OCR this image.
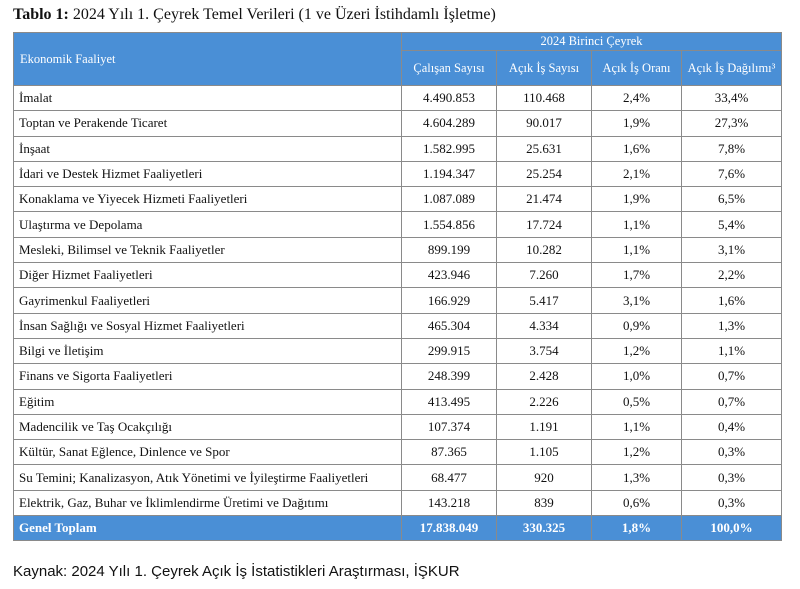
Tablo 1: 2024 Yılı 1. Çeyrek Temel Verileri (1 ve Üzeri İstihdamlı İşletme)
Ekonomik Faaliyet	2024 Birinci Çeyrek			
	Çalışan Sayısı	Açık İş Sayısı	Açık İş Oranı	Açık İş Dağılımı³
İmalat	4.490.853	110.468	2,4%	33,4%
Toptan ve Perakende Ticaret	4.604.289	90.017	1,9%	27,3%
İnşaat	1.582.995	25.631	1,6%	7,8%
İdari ve Destek Hizmet Faaliyetleri	1.194.347	25.254	2,1%	7,6%
Konaklama ve Yiyecek Hizmeti Faaliyetleri	1.087.089	21.474	1,9%	6,5%
Ulaştırma ve Depolama	1.554.856	17.724	1,1%	5,4%
Mesleki, Bilimsel ve Teknik Faaliyetler	899.199	10.282	1,1%	3,1%
Diğer Hizmet Faaliyetleri	423.946	7.260	1,7%	2,2%
Gayrimenkul Faaliyetleri	166.929	5.417	3,1%	1,6%
İnsan Sağlığı ve Sosyal Hizmet Faaliyetleri	465.304	4.334	0,9%	1,3%
Bilgi ve İletişim	299.915	3.754	1,2%	1,1%
Finans ve Sigorta Faaliyetleri	248.399	2.428	1,0%	0,7%
Eğitim	413.495	2.226	0,5%	0,7%
Madencilik ve Taş Ocakçılığı	107.374	1.191	1,1%	0,4%
Kültür, Sanat Eğlence, Dinlence ve Spor	87.365	1.105	1,2%	0,3%
Su Temini; Kanalizasyon, Atık Yönetimi ve İyileştirme Faaliyetleri	68.477	920	1,3%	0,3%
Elektrik, Gaz, Buhar ve İklimlendirme Üretimi ve Dağıtımı	143.218	839	0,6%	0,3%
Genel Toplam	17.838.049	330.325	1,8%	100,0%
Kaynak: 2024 Yılı 1. Çeyrek Açık İş İstatistikleri Araştırması, İŞKUR
